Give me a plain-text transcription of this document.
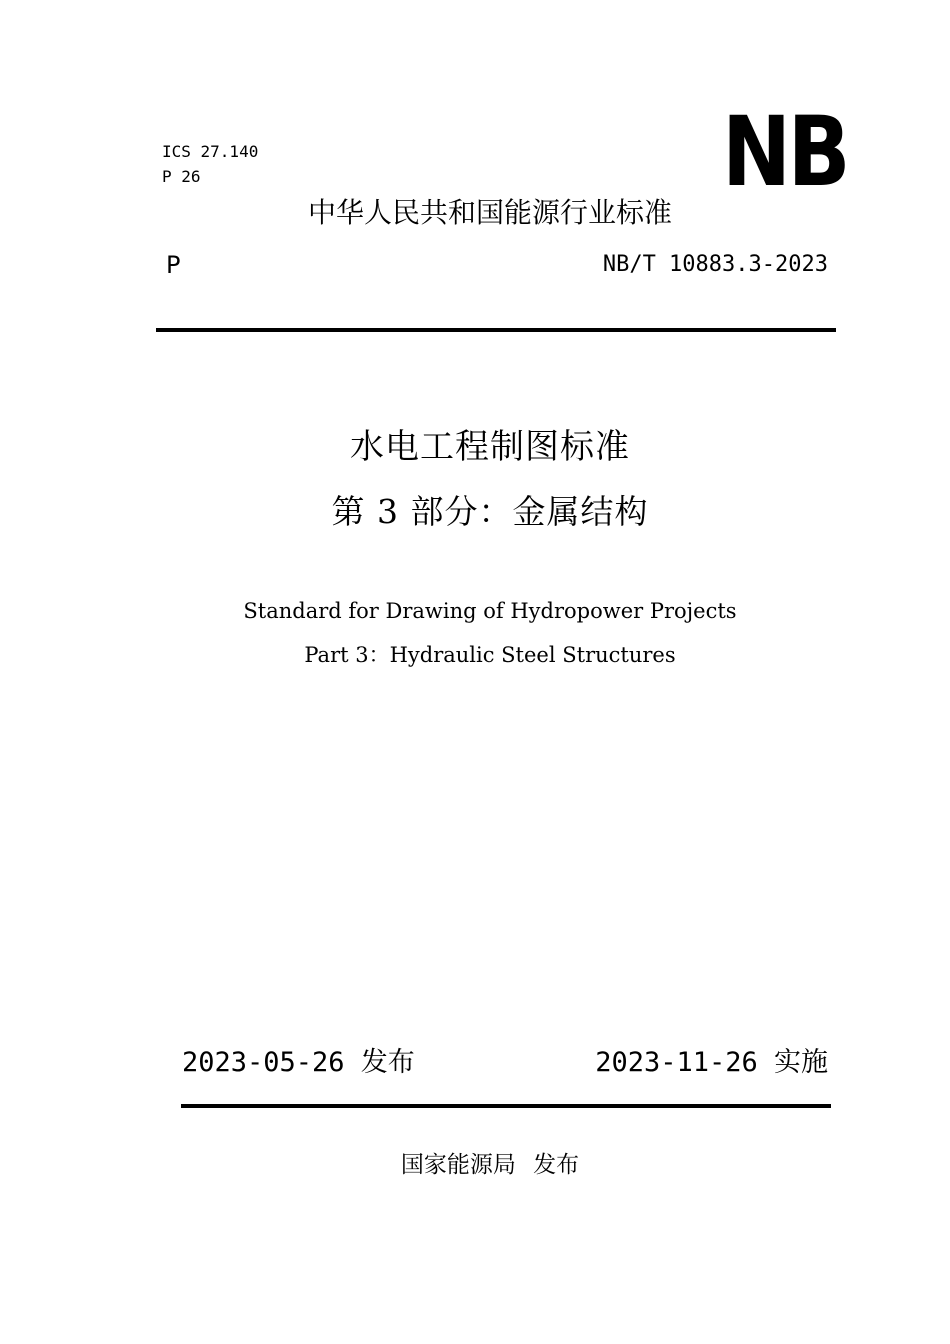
ICS 27.140

P 26	NB

中华人民共和国能源行业标准

P	NB/T 10883.3-2023

水电工程制图标准

第 3 部分：金属结构

Standard for Drawing of Hydropower Projects

Part 3：Hydraulic Steel Structures

2023-05-26 发布	2023-11-26 实施

国家能源局 发布
